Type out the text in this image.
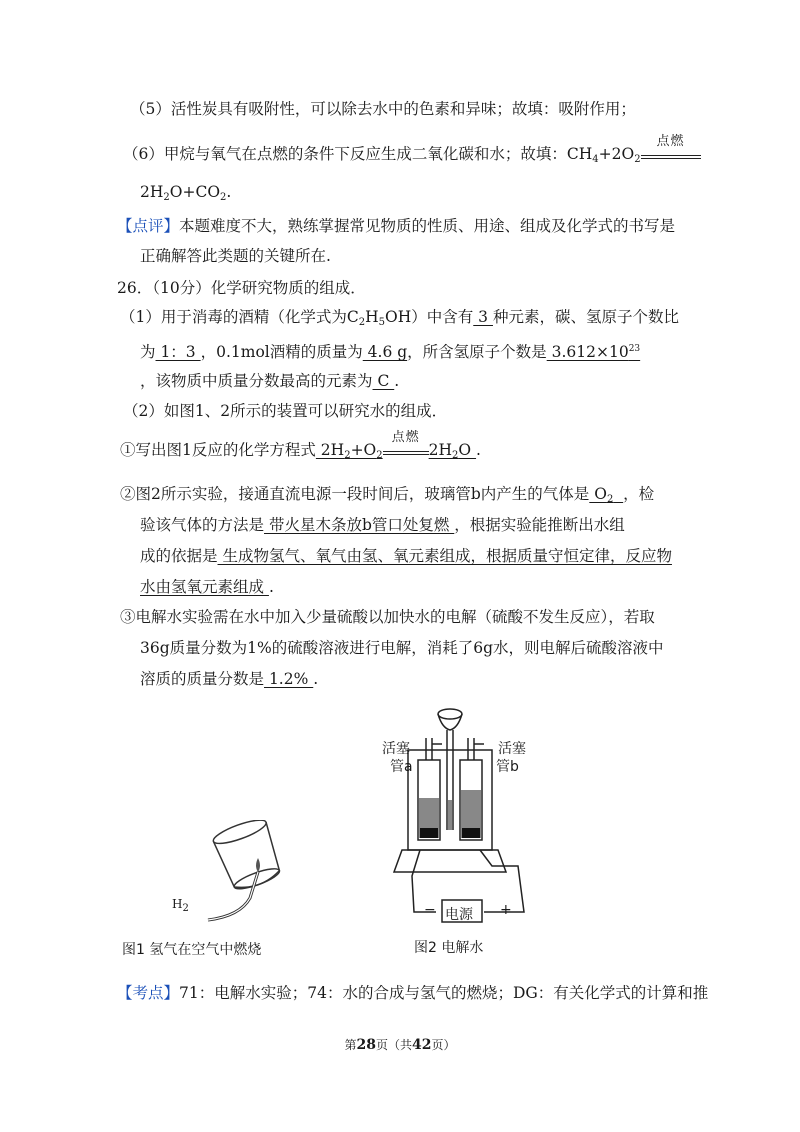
（5）活性炭具有吸附性，可以除去水中的色素和异味；故填：吸附作用；
（6）甲烷与氧气在点燃的条件下反应生成二氧化碳和水；故填：$CH_4+2O_2$
点燃
$2H_2O+CO_2$.
【点评】本题难度不大，熟练掌握常见物质的性质、用途、组成及化学式的书写是
正确解答此类题的关键所在.
26．（10分）化学研究物质的组成．
（1）用于消毒的酒精（化学式为$C_2H_5OH$）中含有 3 种元素，碳、氢原子个数比
为 1：3 ，0.1mol酒精的质量为 4.6 g，所含氢原子个数是 $3.612\times 10^{23}$
，该物质中质量分数最高的元素为 C .
（2）如图1、2所示的装置可以研究水的组成．
①写出图1反应的化学方程式 $2H_2+O_2$
点燃
$2H_2O$ .
②图2所示实验，接通直流电源一段时间后，玻璃管b内产生的气体是 $O_2$ ，检
验该气体的方法是 带火星木条放b管口处复燃 ，根据实验能推断出水组
成的依据是 生成物氢气、氧气由氢、氧元素组成，根据质量守恒定律，反应物
水由氢氧元素组成 .
③电解水实验需在水中加入少量硫酸以加快水的电解（硫酸不发生反应），若取
36g质量分数为1%的硫酸溶液进行电解，消耗了6g水，则电解后硫酸溶液中
溶质的质量分数是 1.2% .
$H_2$
图1 氢气在空气中燃烧
活塞	活塞
管a	管b
电源
−	+
图2 电解水
【考点】71：电解水实验；74：水的合成与氢气的燃烧；DG：有关化学式的计算和推
第28页（共42页）
